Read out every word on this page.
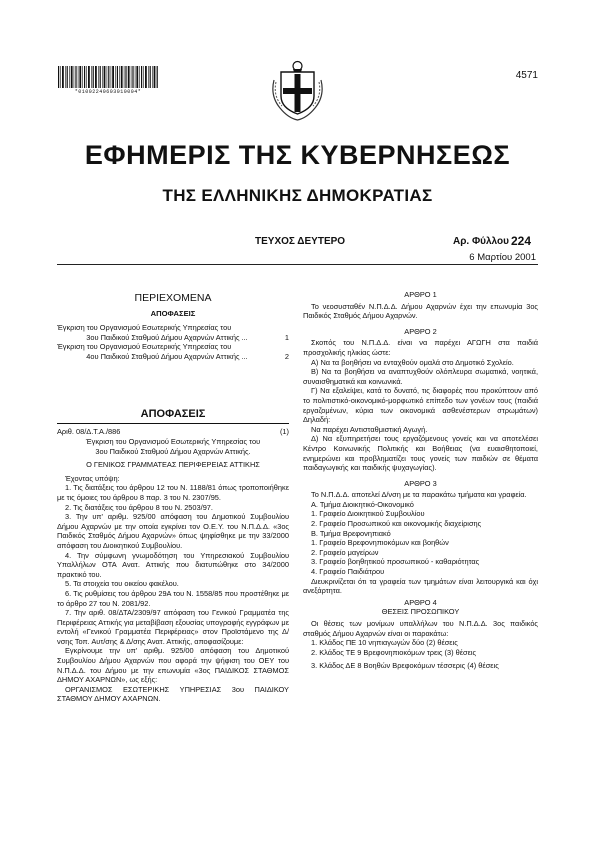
*01002240603010004*
4571
ΕΦΗΜΕΡΙΣ ΤΗΣ ΚΥΒΕΡΝΗΣΕΩΣ
ΤΗΣ ΕΛΛΗΝΙΚΗΣ ΔΗΜΟΚΡΑΤΙΑΣ
ΤΕΥΧΟΣ ΔΕΥΤΕΡΟ	Αρ. Φύλλου 224
6 Μαρτίου 2001
ΠΕΡΙΕΧΟΜΕΝΑ
ΑΠΟΦΑΣΕΙΣ
Έγκριση του Οργανισμού Εσωτερικής Υπηρεσίας του
3ου Παιδικού Σταθμού Δήμου Αχαρνών Αττικής ...	1
Έγκριση του Οργανισμού Εσωτερικής Υπηρεσίας του
4ου Παιδικού Σταθμού Δήμου Αχαρνών Αττικής ...	2
ΑΠΟΦΑΣΕΙΣ
Αριθ. 08/Δ.Τ.Α./886	(1)
Έγκριση του Οργανισμού Εσωτερικής Υπηρεσίας του
3ου Παιδικού Σταθμού Δήμου Αχαρνών Αττικής.
Ο ΓΕΝΙΚΟΣ ΓΡΑΜΜΑΤΕΑΣ ΠΕΡΙΦΕΡΕΙΑΣ ΑΤΤΙΚΗΣ
Έχοντας υπόψη:
1. Τις διατάξεις του άρθρου 12 του Ν. 1188/81 όπως τροποποιήθηκε με τις όμοιες του άρθρου 8 παρ. 3 του Ν. 2307/95.
2. Τις διατάξεις του άρθρου 8 του Ν. 2503/97.
3. Την υπ' αριθμ. 925/00 απόφαση του Δημοτικού Συμβουλίου Δήμου Αχαρνών με την οποία εγκρίνει τον Ο.Ε.Υ. του Ν.Π.Δ.Δ. «3ος Παιδικός Σταθμός Δήμου Αχαρνών» όπως ψηφίσθηκε με την 33/2000 απόφαση του Διοικητικού Συμβουλίου.
4. Την σύμφωνη γνωμοδότηση του Υπηρεσιακού Συμβουλίου Υπαλλήλων ΟΤΑ Ανατ. Αττικής που διατυπώθηκε στο 34/2000 πρακτικό του.
5. Τα στοιχεία του οικείου φακέλου.
6. Τις ρυθμίσεις του άρθρου 29Α του Ν. 1558/85 που προστέθηκε με το άρθρο 27 του Ν. 2081/92.
7. Την αριθ. 08/ΔΤΑ/2309/97 απόφαση του Γενικού Γραμματέα της Περιφέρειας Αττικής για μεταβίβαση εξουσίας υπογραφής εγγράφων με εντολή «Γενικού Γραμματέα Περιφέρειας» στον Προϊστάμενο της Δ/νσης Τοπ. Αυτ/σης & Δ/σης Ανατ. Αττικής, αποφασίζουμε:
Εγκρίνουμε την υπ' αριθμ. 925/00 απόφαση του Δημοτικού Συμβουλίου Δήμου Αχαρνών που αφορά την ψήφιση του ΟΕΥ του Ν.Π.Δ.Δ. του Δήμου με την επωνυμία «3ος ΠΑΙΔΙΚΟΣ ΣΤΑΘΜΟΣ ΔΗΜΟΥ ΑΧΑΡΝΩΝ», ως εξής:
ΟΡΓΑΝΙΣΜΟΣ ΕΣΩΤΕΡΙΚΗΣ ΥΠΗΡΕΣΙΑΣ 3ου ΠΑΙΔΙΚΟΥ ΣΤΑΘΜΟΥ ΔΗΜΟΥ ΑΧΑΡΝΩΝ.
ΑΡΘΡΟ 1
Το νεοσυσταθέν Ν.Π.Δ.Δ. Δήμου Αχαρνών έχει την επωνυμία 3ος Παιδικός Σταθμός Δήμου Αχαρνών.
ΑΡΘΡΟ 2
Σκοπός του Ν.Π.Δ.Δ. είναι να παρέχει ΑΓΩΓΗ στα παιδιά προσχολικής ηλικίας ώστε:
Α) Να τα βοηθήσει να ενταχθούν ομαλά στο Δημοτικό Σχολείο.
Β) Να τα βοηθήσει να αναπτυχθούν ολόπλευρα σωματικά, νοητικά, συναισθηματικά και κοινωνικά.
Γ) Να εξαλείψει, κατά το δυνατό, τις διαφορές που προκύπτουν από το πολιτιστικό-οικονομικό-μορφωτικό επίπεδο των γονέων τους (παιδιά εργαζομένων, κύρια των οικονομικά ασθενέστερων στρωμάτων) Δηλαδή:
Να παρέχει Αντισταθμιστική Αγωγή.
Δ) Να εξυπηρετήσει τους εργαζόμενους γονείς και να αποτελέσει Κέντρο Κοινωνικής Πολιτικής και Βοήθειας (να ευαισθητοποιεί, ενημερώνει και προβληματίζει τους γονείς των παιδιών σε θέματα παιδαγωγικής και παιδικής ψυχαγωγίας).
ΑΡΘΡΟ 3
Το Ν.Π.Δ.Δ. αποτελεί Δ/νση με τα παρακάτω τμήματα και γραφεία.
Α. Τμήμα Διοικητικό-Οικονομικό
1. Γραφείο Διοικητικού Συμβουλίου
2. Γραφείο Προσωπικού και οικονομικής διαχείρισης
Β. Τμήμα Βρεφονηπιακό
1. Γραφείο Βρεφονηπιοκόμων και βοηθών
2. Γραφείο μαγείρων
3. Γραφείο βοηθητικού προσωπικού - καθαριότητας
4. Γραφείο Παιδιάτρου
Διευκρινίζεται ότι τα γραφεία των τμημάτων είναι λειτουργικά και όχι ανεξάρτητα.
ΑΡΘΡΟ 4
ΘΕΣΕΙΣ ΠΡΟΣΩΠΙΚΟΥ
Οι θέσεις των μονίμων υπαλλήλων του Ν.Π.Δ.Δ. 3ος παιδικός σταθμός Δήμου Αχαρνών είναι οι παρακάτω:
1. Κλάδος ΠΕ 10 νηπιαγωγών δύο (2) θέσεις
2. Κλάδος ΤΕ 9 Βρεφονηπιοκόμων τρεις (3) θέσεις
3. Κλάδος ΔΕ 8 Βοηθών Βρεφοκόμων τέσσερις (4) θέσεις
